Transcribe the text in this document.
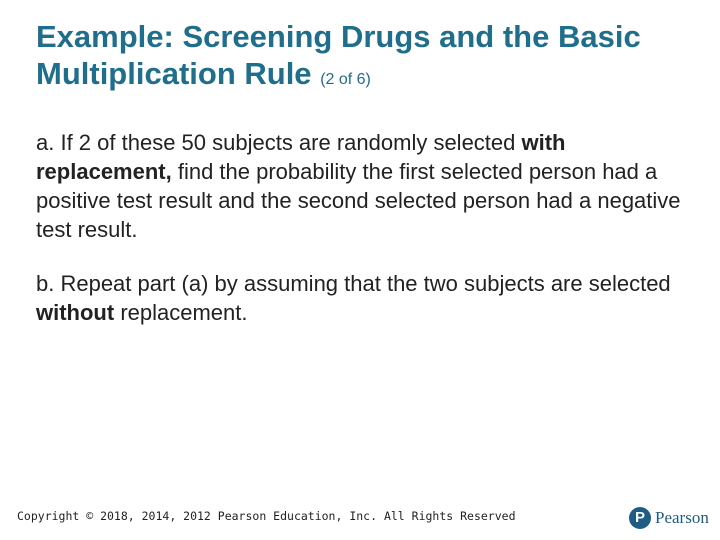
Example: Screening Drugs and the Basic Multiplication Rule (2 of 6)

a. If 2 of these 50 subjects are randomly selected with replacement, find the probability the first selected person had a positive test result and the second selected person had a negative test result.

b. Repeat part (a) by assuming that the two subjects are selected without replacement.

Copyright © 2018, 2014, 2012 Pearson Education, Inc. All Rights Reserved	P Pearson
